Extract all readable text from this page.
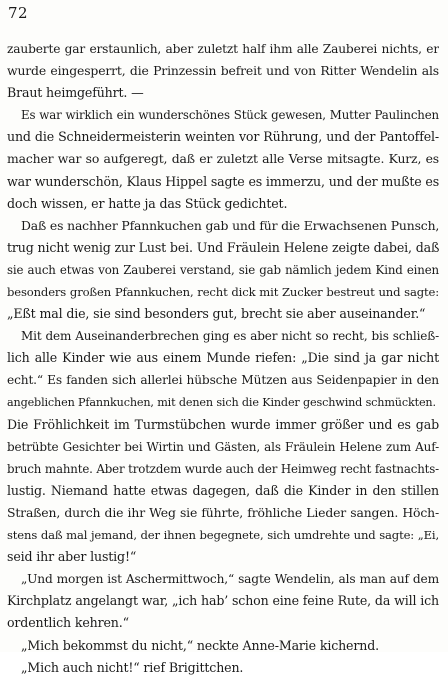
72

zauberte gar erstaunlich, aber zuletzt half ihm alle Zauberei nichts, er

wurde eingesperrt, die Prinzessin befreit und von Ritter Wendelin als

Braut heimgeführt. —

Es war wirklich ein wunderschönes Stück gewesen, Mutter Paulinchen

und die Schneidermeisterin weinten vor Rührung, und der Pantoffel-

macher war so aufgeregt, daß er zuletzt alle Verse mitsagte. Kurz, es

war wunderschön, Klaus Hippel sagte es immerzu, und der mußte es

doch wissen, er hatte ja das Stück gedichtet.

Daß es nachher Pfannkuchen gab und für die Erwachsenen Punsch,

trug nicht wenig zur Lust bei. Und Fräulein Helene zeigte dabei, daß

sie auch etwas von Zauberei verstand, sie gab nämlich jedem Kind einen

besonders großen Pfannkuchen, recht dick mit Zucker bestreut und sagte:

„Eßt mal die, sie sind besonders gut, brecht sie aber auseinander.“

Mit dem Auseinanderbrechen ging es aber nicht so recht, bis schließ-

lich alle Kinder wie aus einem Munde riefen: „Die sind ja gar nicht

echt.“ Es fanden sich allerlei hübsche Mützen aus Seidenpapier in den

angeblichen Pfannkuchen, mit denen sich die Kinder geschwind schmückten.

Die Fröhlichkeit im Turmstübchen wurde immer größer und es gab

betrübte Gesichter bei Wirtin und Gästen, als Fräulein Helene zum Auf-

bruch mahnte. Aber trotzdem wurde auch der Heimweg recht fastnachts-

lustig. Niemand hatte etwas dagegen, daß die Kinder in den stillen

Straßen, durch die ihr Weg sie führte, fröhliche Lieder sangen. Höch-

stens daß mal jemand, der ihnen begegnete, sich umdrehte und sagte: „Ei,

seid ihr aber lustig!“

„Und morgen ist Aschermittwoch,“ sagte Wendelin, als man auf dem

Kirchplatz angelangt war, „ich hab’ schon eine feine Rute, da will ich

ordentlich kehren.“

„Mich bekommst du nicht,“ neckte Anne-Marie kichernd.

„Mich auch nicht!“ rief Brigittchen.
